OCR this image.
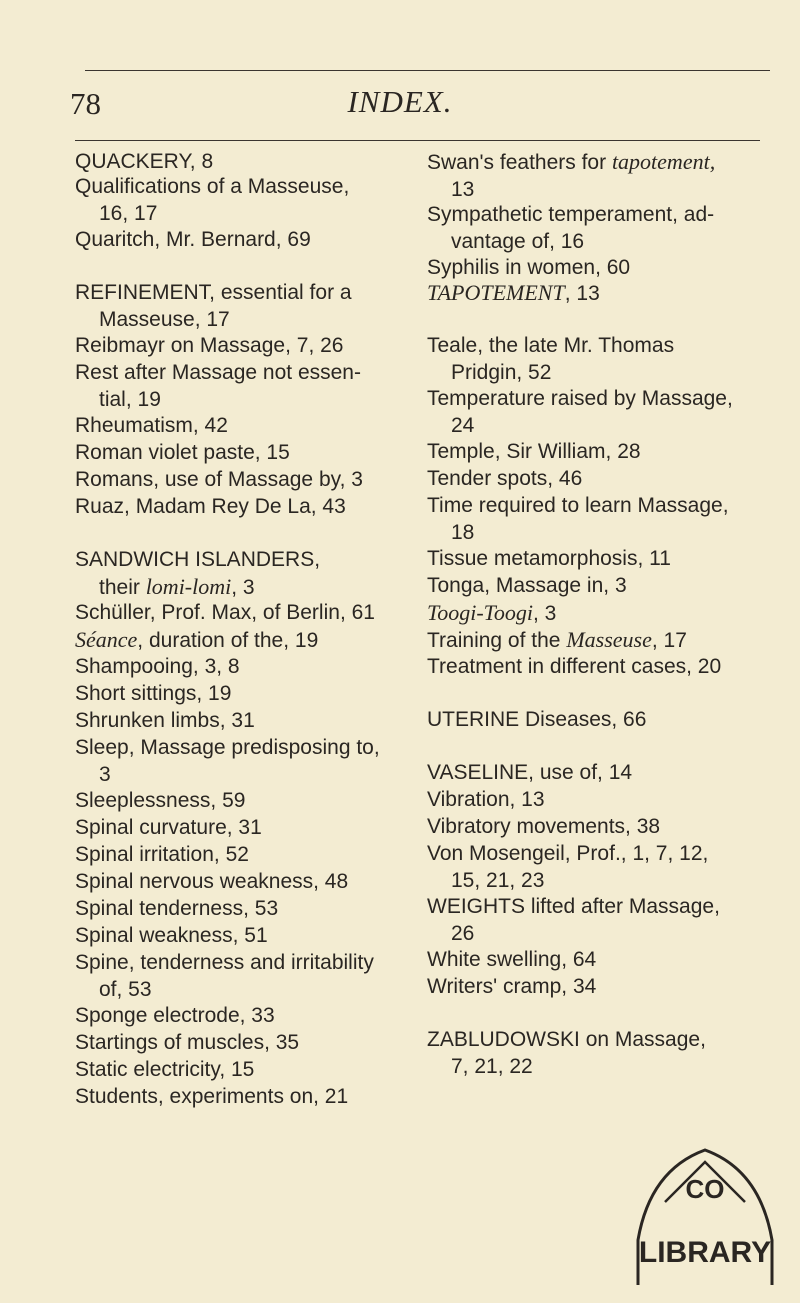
78	INDEX.
QUACKERY, 8
Qualifications of a Masseuse,
16, 17
Quaritch, Mr. Bernard, 69
REFINEMENT, essential for a
Masseuse, 17
Reibmayr on Massage, 7, 26
Rest after Massage not essen-
tial, 19
Rheumatism, 42
Roman violet paste, 15
Romans, use of Massage by, 3
Ruaz, Madam Rey De La, 43
SANDWICH ISLANDERS,
their lomi-lomi, 3
Schüller, Prof. Max, of Berlin, 61
Séance, duration of the, 19
Shampooing, 3, 8
Short sittings, 19
Shrunken limbs, 31
Sleep, Massage predisposing to,
3
Sleeplessness, 59
Spinal curvature, 31
Spinal irritation, 52
Spinal nervous weakness, 48
Spinal tenderness, 53
Spinal weakness, 51
Spine, tenderness and irritability
of, 53
Sponge electrode, 33
Startings of muscles, 35
Static electricity, 15
Students, experiments on, 21
Swan's feathers for tapotement,
13
Sympathetic temperament, ad-
vantage of, 16
Syphilis in women, 60
TAPOTEMENT, 13
Teale, the late Mr. Thomas
Pridgin, 52
Temperature raised by Massage,
24
Temple, Sir William, 28
Tender spots, 46
Time required to learn Massage,
18
Tissue metamorphosis, 11
Tonga, Massage in, 3
Toogi-Toogi, 3
Training of the Masseuse, 17
Treatment in different cases, 20
UTERINE Diseases, 66
VASELINE, use of, 14
Vibration, 13
Vibratory movements, 38
Von Mosengeil, Prof., 1, 7, 12,
15, 21, 23
WEIGHTS lifted after Massage,
26
White swelling, 64
Writers' cramp, 34
ZABLUDOWSKI on Massage,
7, 21, 22
CO
LIBRARY
